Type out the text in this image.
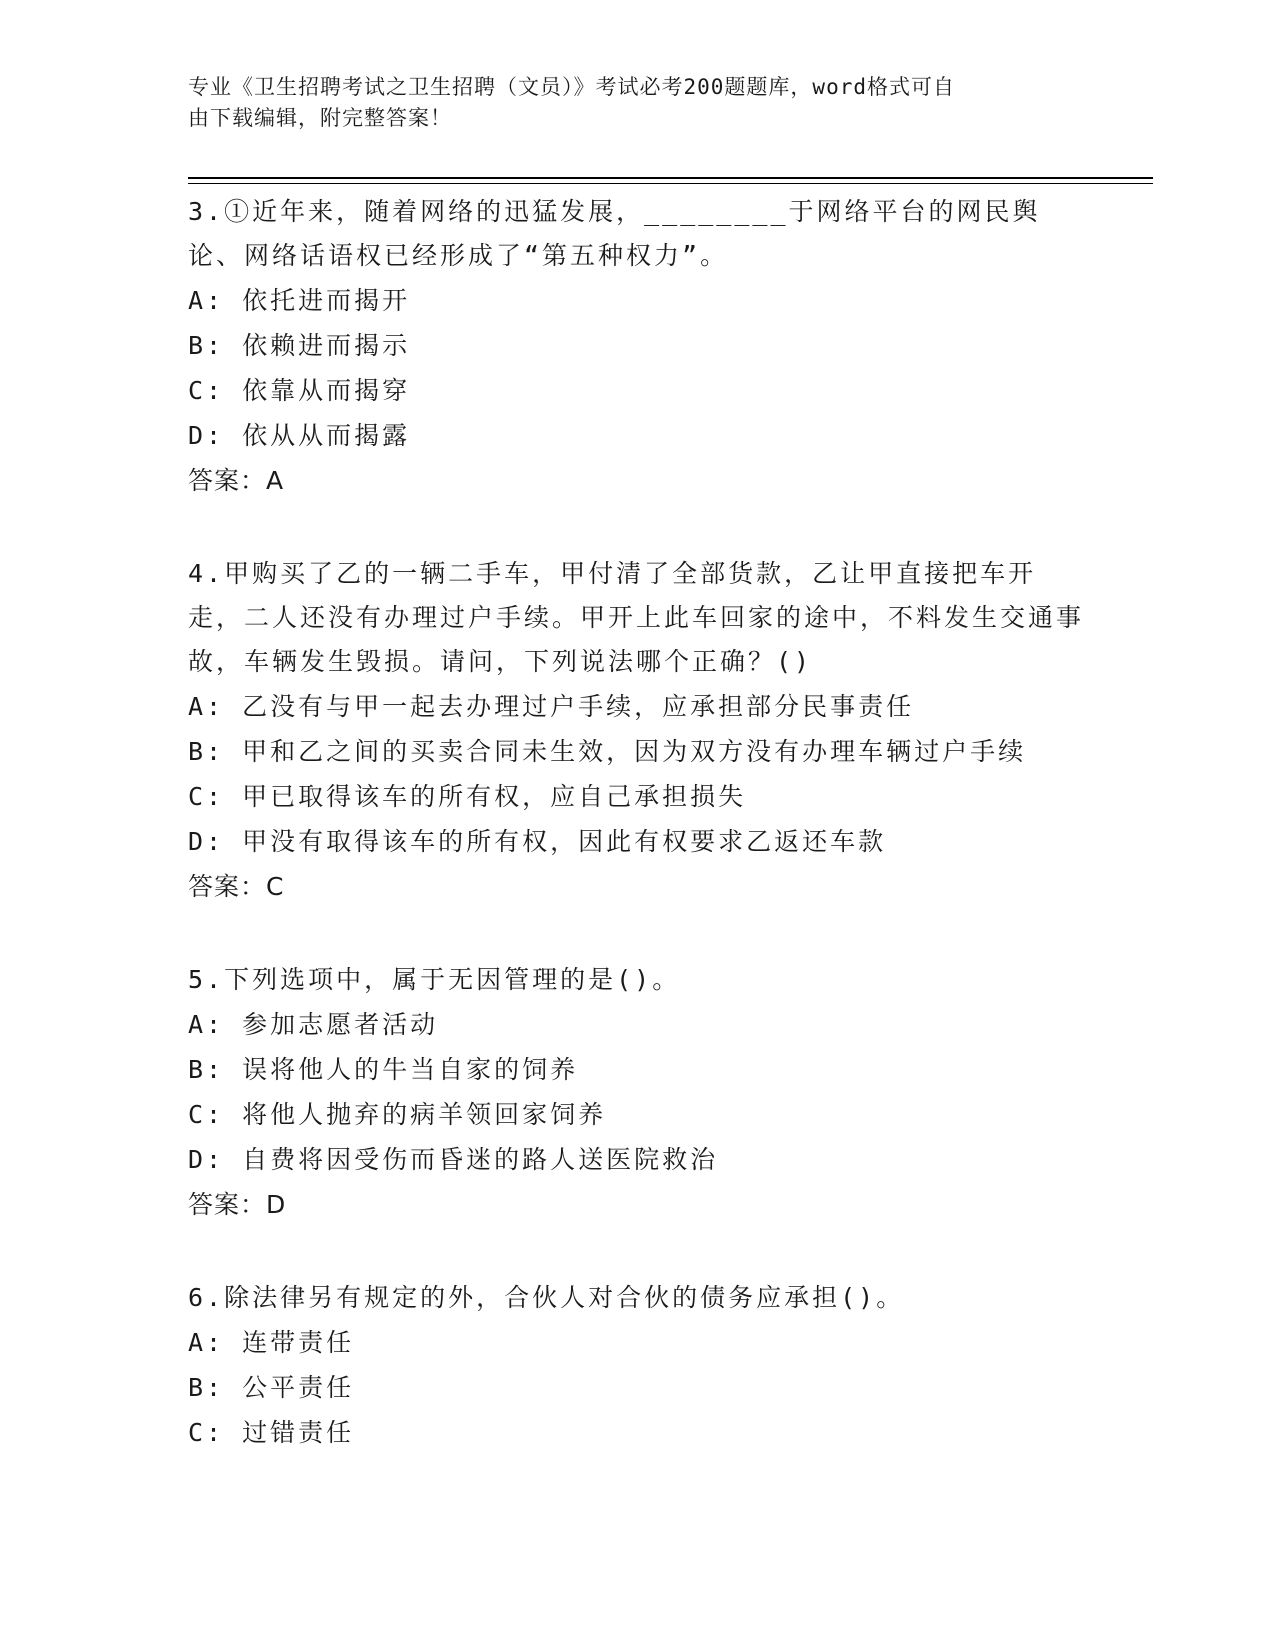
专业《卫生招聘考试之卫生招聘（文员）》考试必考200题题库，word格式可自
由下载编辑，附完整答案！
3.①近年来，随着网络的迅猛发展，________于网络平台的网民舆论、网络话语权已经形成了“第五种权力”。
A: 依托进而揭开
B: 依赖进而揭示
C: 依靠从而揭穿
D: 依从从而揭露
答案：A
4.甲购买了乙的一辆二手车，甲付清了全部货款，乙让甲直接把车开走，二人还没有办理过户手续。甲开上此车回家的途中，不料发生交通事故，车辆发生毁损。请问，下列说法哪个正确？()
A: 乙没有与甲一起去办理过户手续，应承担部分民事责任
B: 甲和乙之间的买卖合同未生效，因为双方没有办理车辆过户手续
C: 甲已取得该车的所有权，应自己承担损失
D: 甲没有取得该车的所有权，因此有权要求乙返还车款
答案：C
5.下列选项中，属于无因管理的是()。
A: 参加志愿者活动
B: 误将他人的牛当自家的饲养
C: 将他人抛弃的病羊领回家饲养
D: 自费将因受伤而昏迷的路人送医院救治
答案：D
6.除法律另有规定的外，合伙人对合伙的债务应承担()。
A: 连带责任
B: 公平责任
C: 过错责任
